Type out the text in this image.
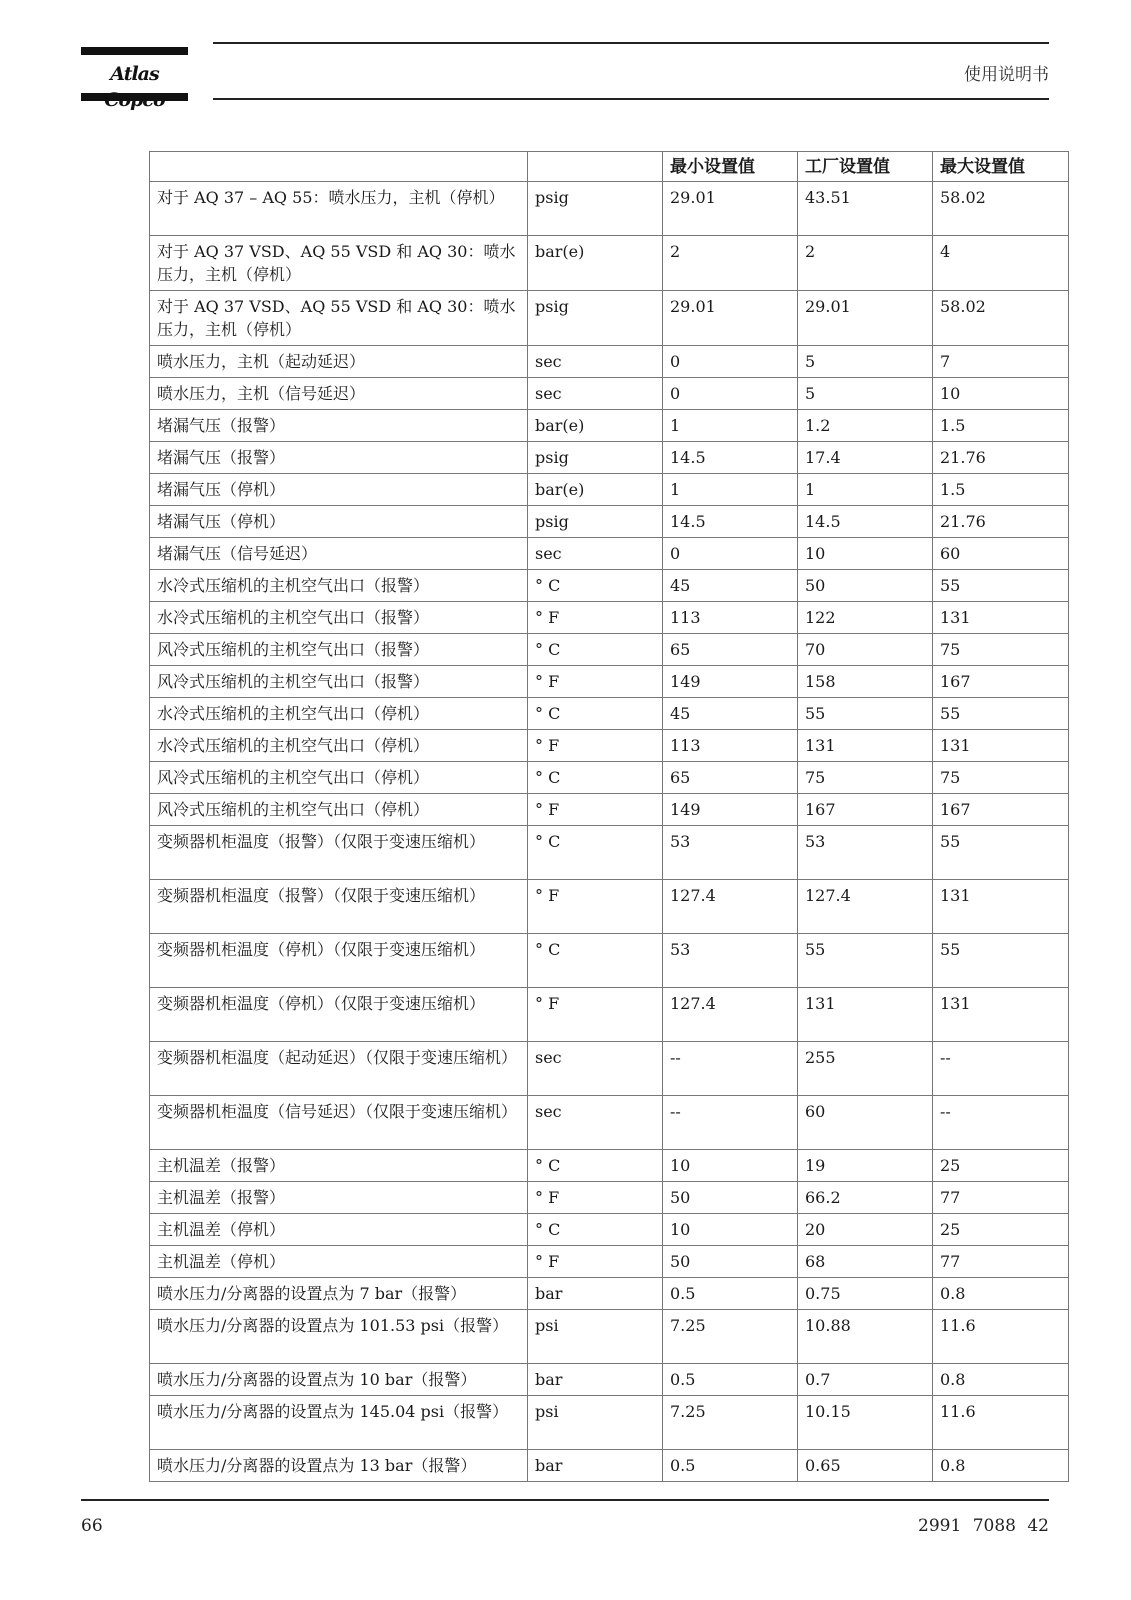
Atlas	使用说明书
		最小设置值	工厂设置值	最大设置值
对于 AQ 37 – AQ 55：喷水压力，主机（停机）	psig	29.01	43.51	58.02
对于 AQ 37 VSD、AQ 55 VSD 和 AQ 30：喷水压力，主机（停机）	bar(e)	2	2	4
对于 AQ 37 VSD、AQ 55 VSD 和 AQ 30：喷水压力，主机（停机）	psig	29.01	29.01	58.02
喷水压力，主机（起动延迟）	sec	0	5	7
喷水压力，主机（信号延迟）	sec	0	5	10
堵漏气压（报警）	bar(e)	1	1.2	1.5
堵漏气压（报警）	psig	14.5	17.4	21.76
堵漏气压（停机）	bar(e)	1	1	1.5
堵漏气压（停机）	psig	14.5	14.5	21.76
堵漏气压（信号延迟）	sec	0	10	60
水冷式压缩机的主机空气出口（报警）	° C	45	50	55
水冷式压缩机的主机空气出口（报警）	° F	113	122	131
风冷式压缩机的主机空气出口（报警）	° C	65	70	75
风冷式压缩机的主机空气出口（报警）	° F	149	158	167
水冷式压缩机的主机空气出口（停机）	° C	45	55	55
水冷式压缩机的主机空气出口（停机）	° F	113	131	131
风冷式压缩机的主机空气出口（停机）	° C	65	75	75
风冷式压缩机的主机空气出口（停机）	° F	149	167	167
变频器机柜温度（报警）（仅限于变速压缩机）	° C	53	53	55
变频器机柜温度（报警）（仅限于变速压缩机）	° F	127.4	127.4	131
变频器机柜温度（停机）（仅限于变速压缩机）	° C	53	55	55
变频器机柜温度（停机）（仅限于变速压缩机）	° F	127.4	131	131
变频器机柜温度（起动延迟）（仅限于变速压缩机）	sec	--	255	--
变频器机柜温度（信号延迟）（仅限于变速压缩机）	sec	--	60	--
主机温差（报警）	° C	10	19	25
主机温差（报警）	° F	50	66.2	77
主机温差（停机）	° C	10	20	25
主机温差（停机）	° F	50	68	77
喷水压力/分离器的设置点为 7 bar（报警）	bar	0.5	0.75	0.8
喷水压力/分离器的设置点为 101.53 psi（报警）	psi	7.25	10.88	11.6
喷水压力/分离器的设置点为 10 bar（报警）	bar	0.5	0.7	0.8
喷水压力/分离器的设置点为 145.04 psi（报警）	psi	7.25	10.15	11.6
喷水压力/分离器的设置点为 13 bar（报警）	bar	0.5	0.65	0.8
66	2991 7088 42
